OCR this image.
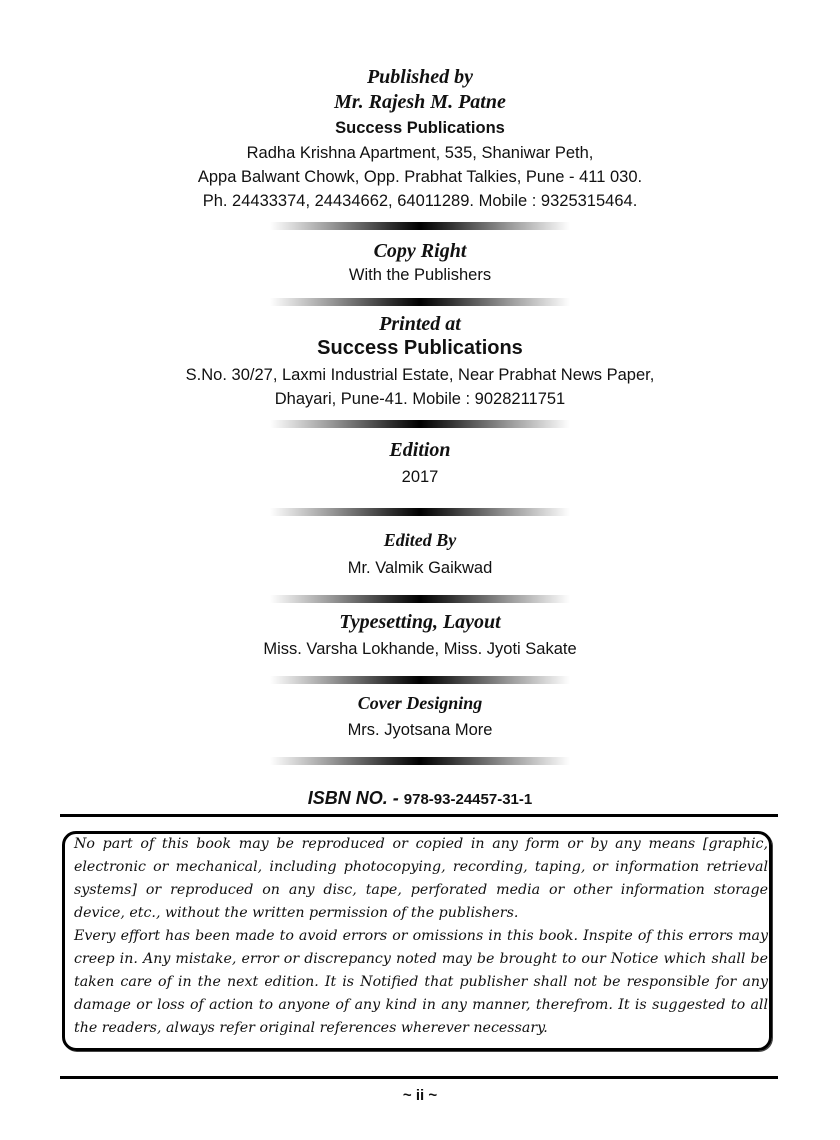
Published by
Mr. Rajesh M. Patne
Success Publications
Radha Krishna Apartment, 535, Shaniwar Peth,
Appa Balwant Chowk, Opp. Prabhat Talkies, Pune - 411 030.
Ph. 24433374, 24434662, 64011289. Mobile : 9325315464.
Copy Right
With the Publishers
Printed at
Success Publications
S.No. 30/27, Laxmi Industrial Estate, Near Prabhat News Paper,
Dhayari, Pune-41. Mobile : 9028211751
Edition
2017
Edited By
Mr. Valmik Gaikwad
Typesetting, Layout
Miss. Varsha Lokhande, Miss. Jyoti Sakate
Cover Designing
Mrs. Jyotsana More
ISBN NO. - 978-93-24457-31-1

No part of this book may be reproduced or copied in any form or by any means [graphic, electronic or mechanical, including photocopying, recording, taping, or information retrieval systems] or reproduced on any disc, tape, perforated media or other information storage device, etc., without the written permission of the publishers.

Every effort has been made to avoid errors or omissions in this book. Inspite of this errors may creep in. Any mistake, error or discrepancy noted may be brought to our Notice which shall be taken care of in the next edition. It is Notified that publisher shall not be responsible for any damage or loss of action to anyone of any kind in any manner, therefrom. It is suggested to all the readers, always refer original references wherever necessary.

~ ii ~
